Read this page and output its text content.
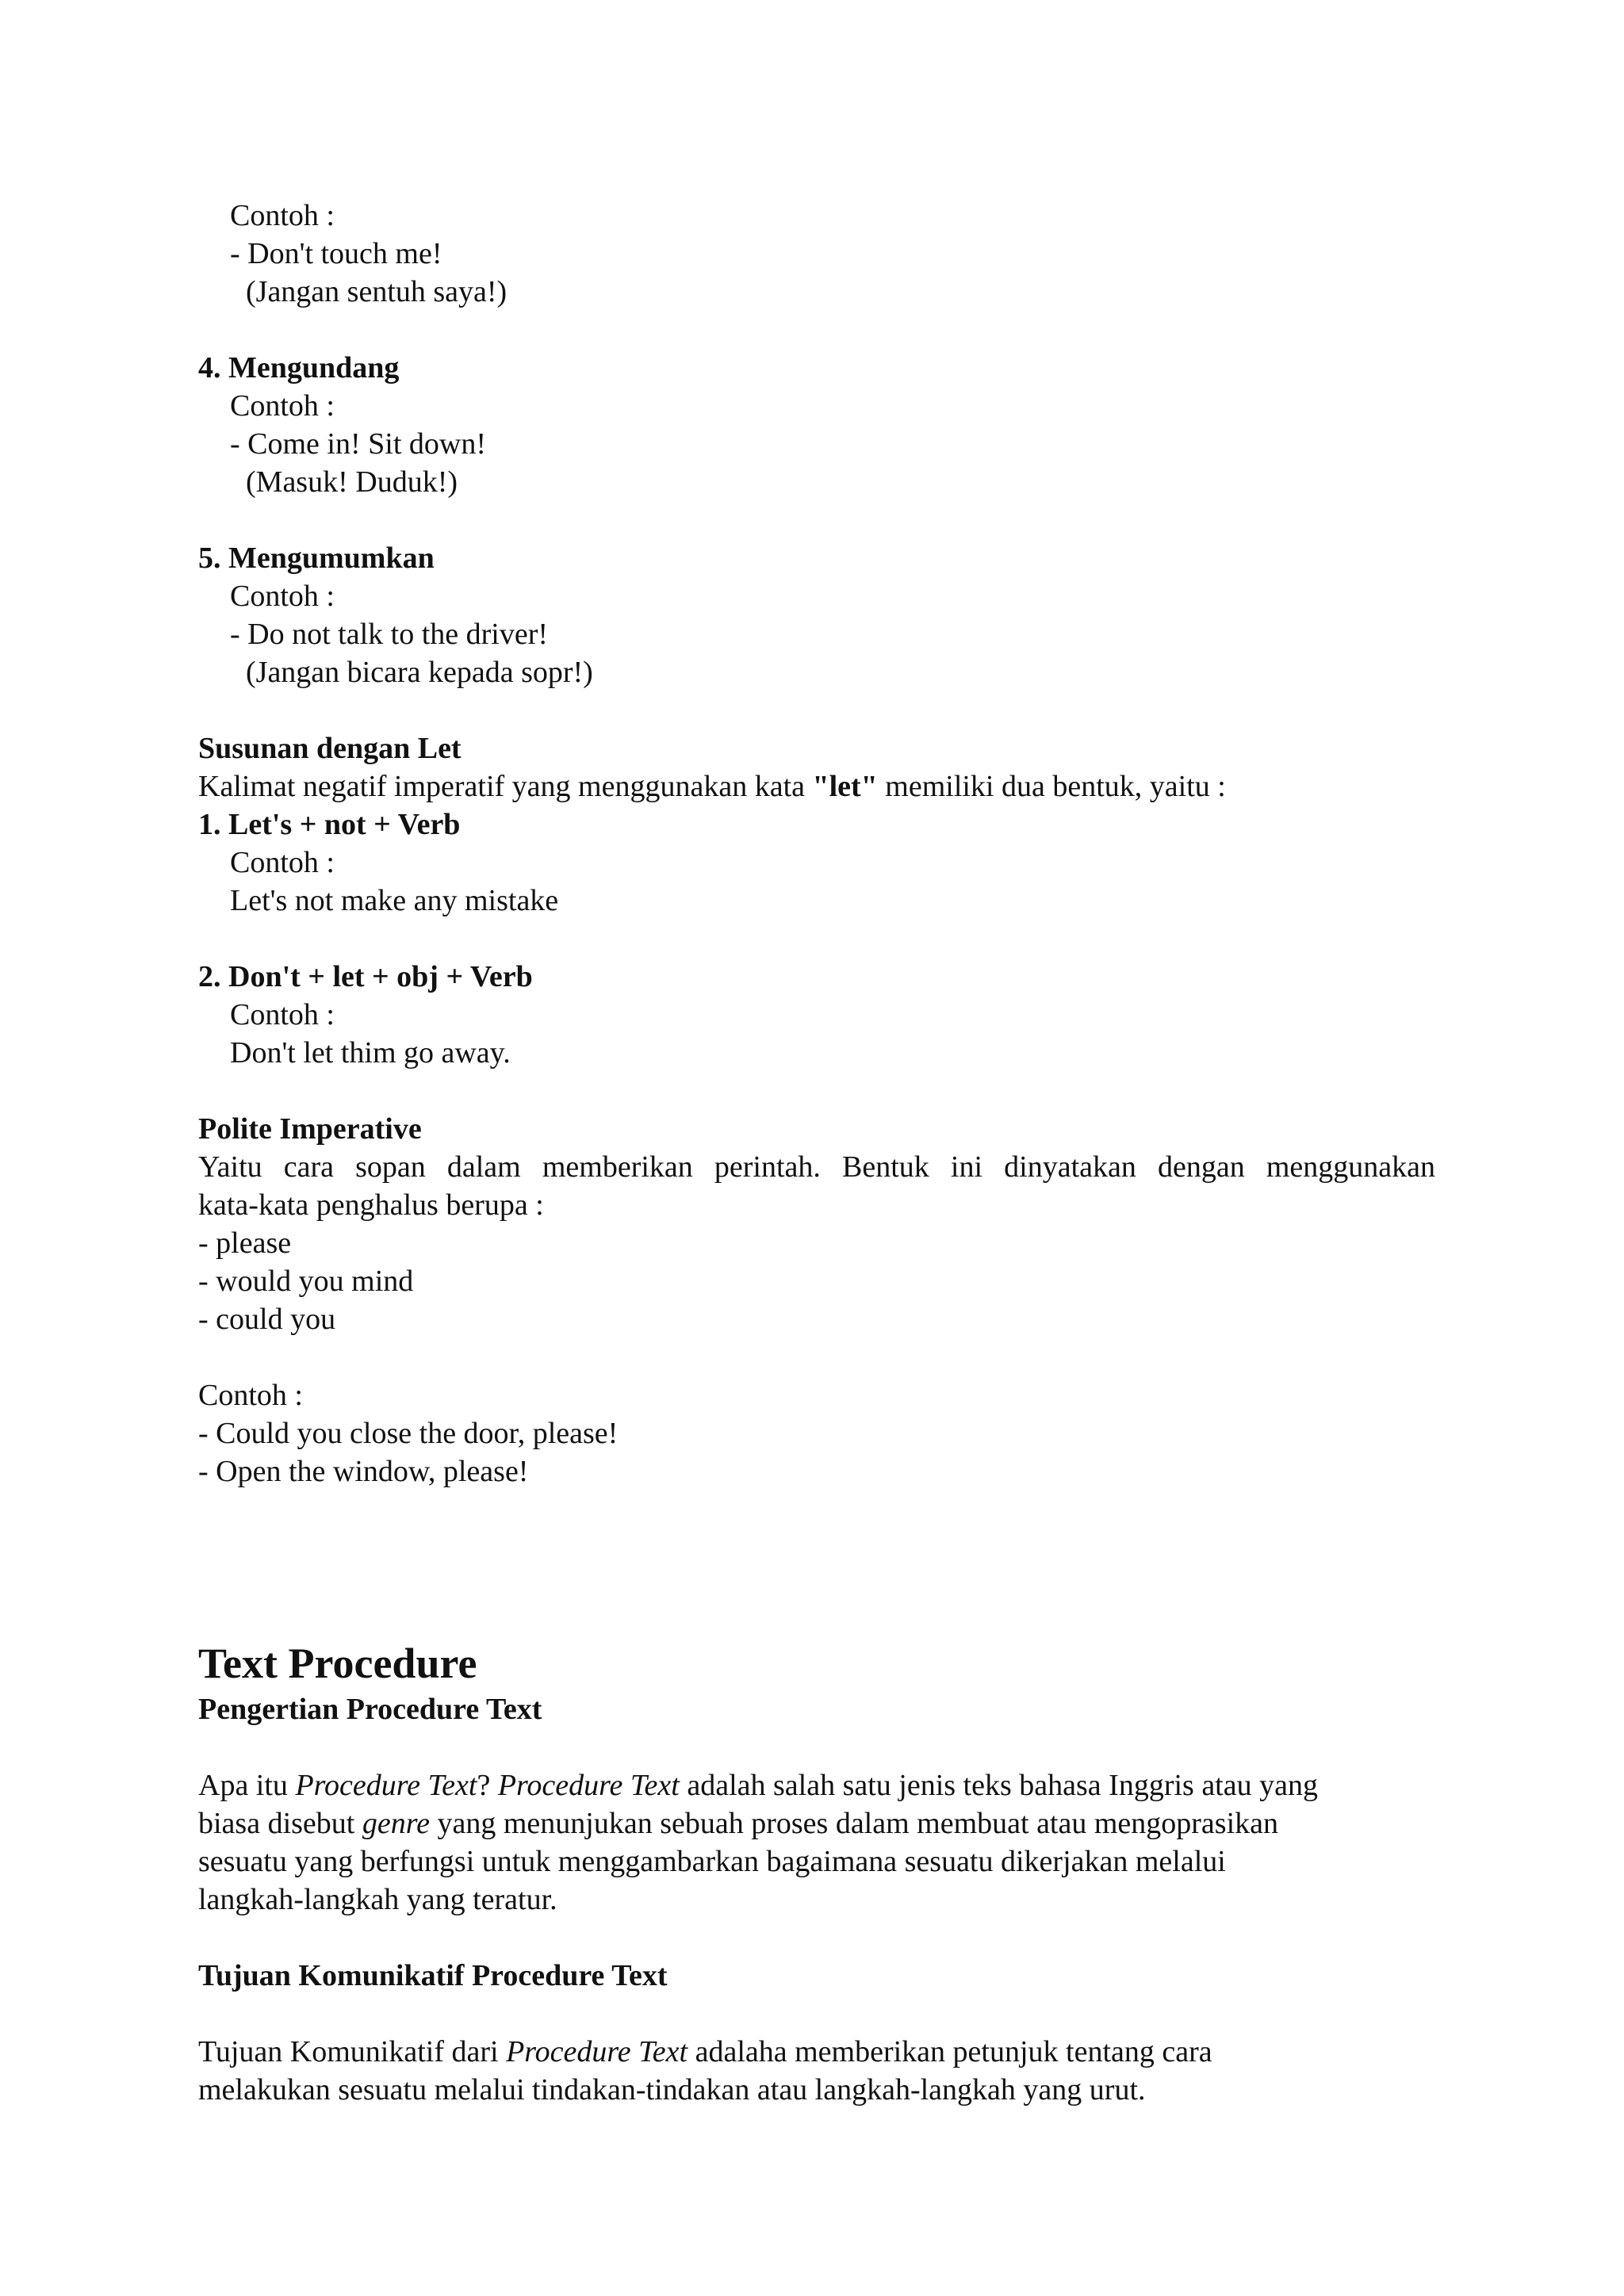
Contoh :
- Don't touch me!
(Jangan sentuh saya!)
4. Mengundang
Contoh :
- Come in! Sit down!
(Masuk! Duduk!)
5. Mengumumkan
Contoh :
- Do not talk to the driver!
(Jangan bicara kepada sopr!)
Susunan dengan Let
Kalimat negatif imperatif yang menggunakan kata "let" memiliki dua bentuk, yaitu :
1. Let's + not + Verb
Contoh :
Let's not make any mistake
2. Don't + let + obj + Verb
Contoh :
Don't let thim go away.
Polite Imperative
Yaitu cara sopan dalam memberikan perintah. Bentuk ini dinyatakan dengan menggunakan
kata-kata penghalus berupa :
- please
- would you mind
- could you
Contoh :
- Could you close the door, please!
- Open the window, please!
Text Procedure
Pengertian Procedure Text
Apa itu Procedure Text? Procedure Text adalah salah satu jenis teks bahasa Inggris atau yang
biasa disebut genre yang menunjukan sebuah proses dalam membuat atau mengoprasikan
sesuatu yang berfungsi untuk menggambarkan bagaimana sesuatu dikerjakan melalui
langkah-langkah yang teratur.
Tujuan Komunikatif Procedure Text
Tujuan Komunikatif dari Procedure Text adalaha memberikan petunjuk tentang cara
melakukan sesuatu melalui tindakan-tindakan atau langkah-langkah yang urut.
